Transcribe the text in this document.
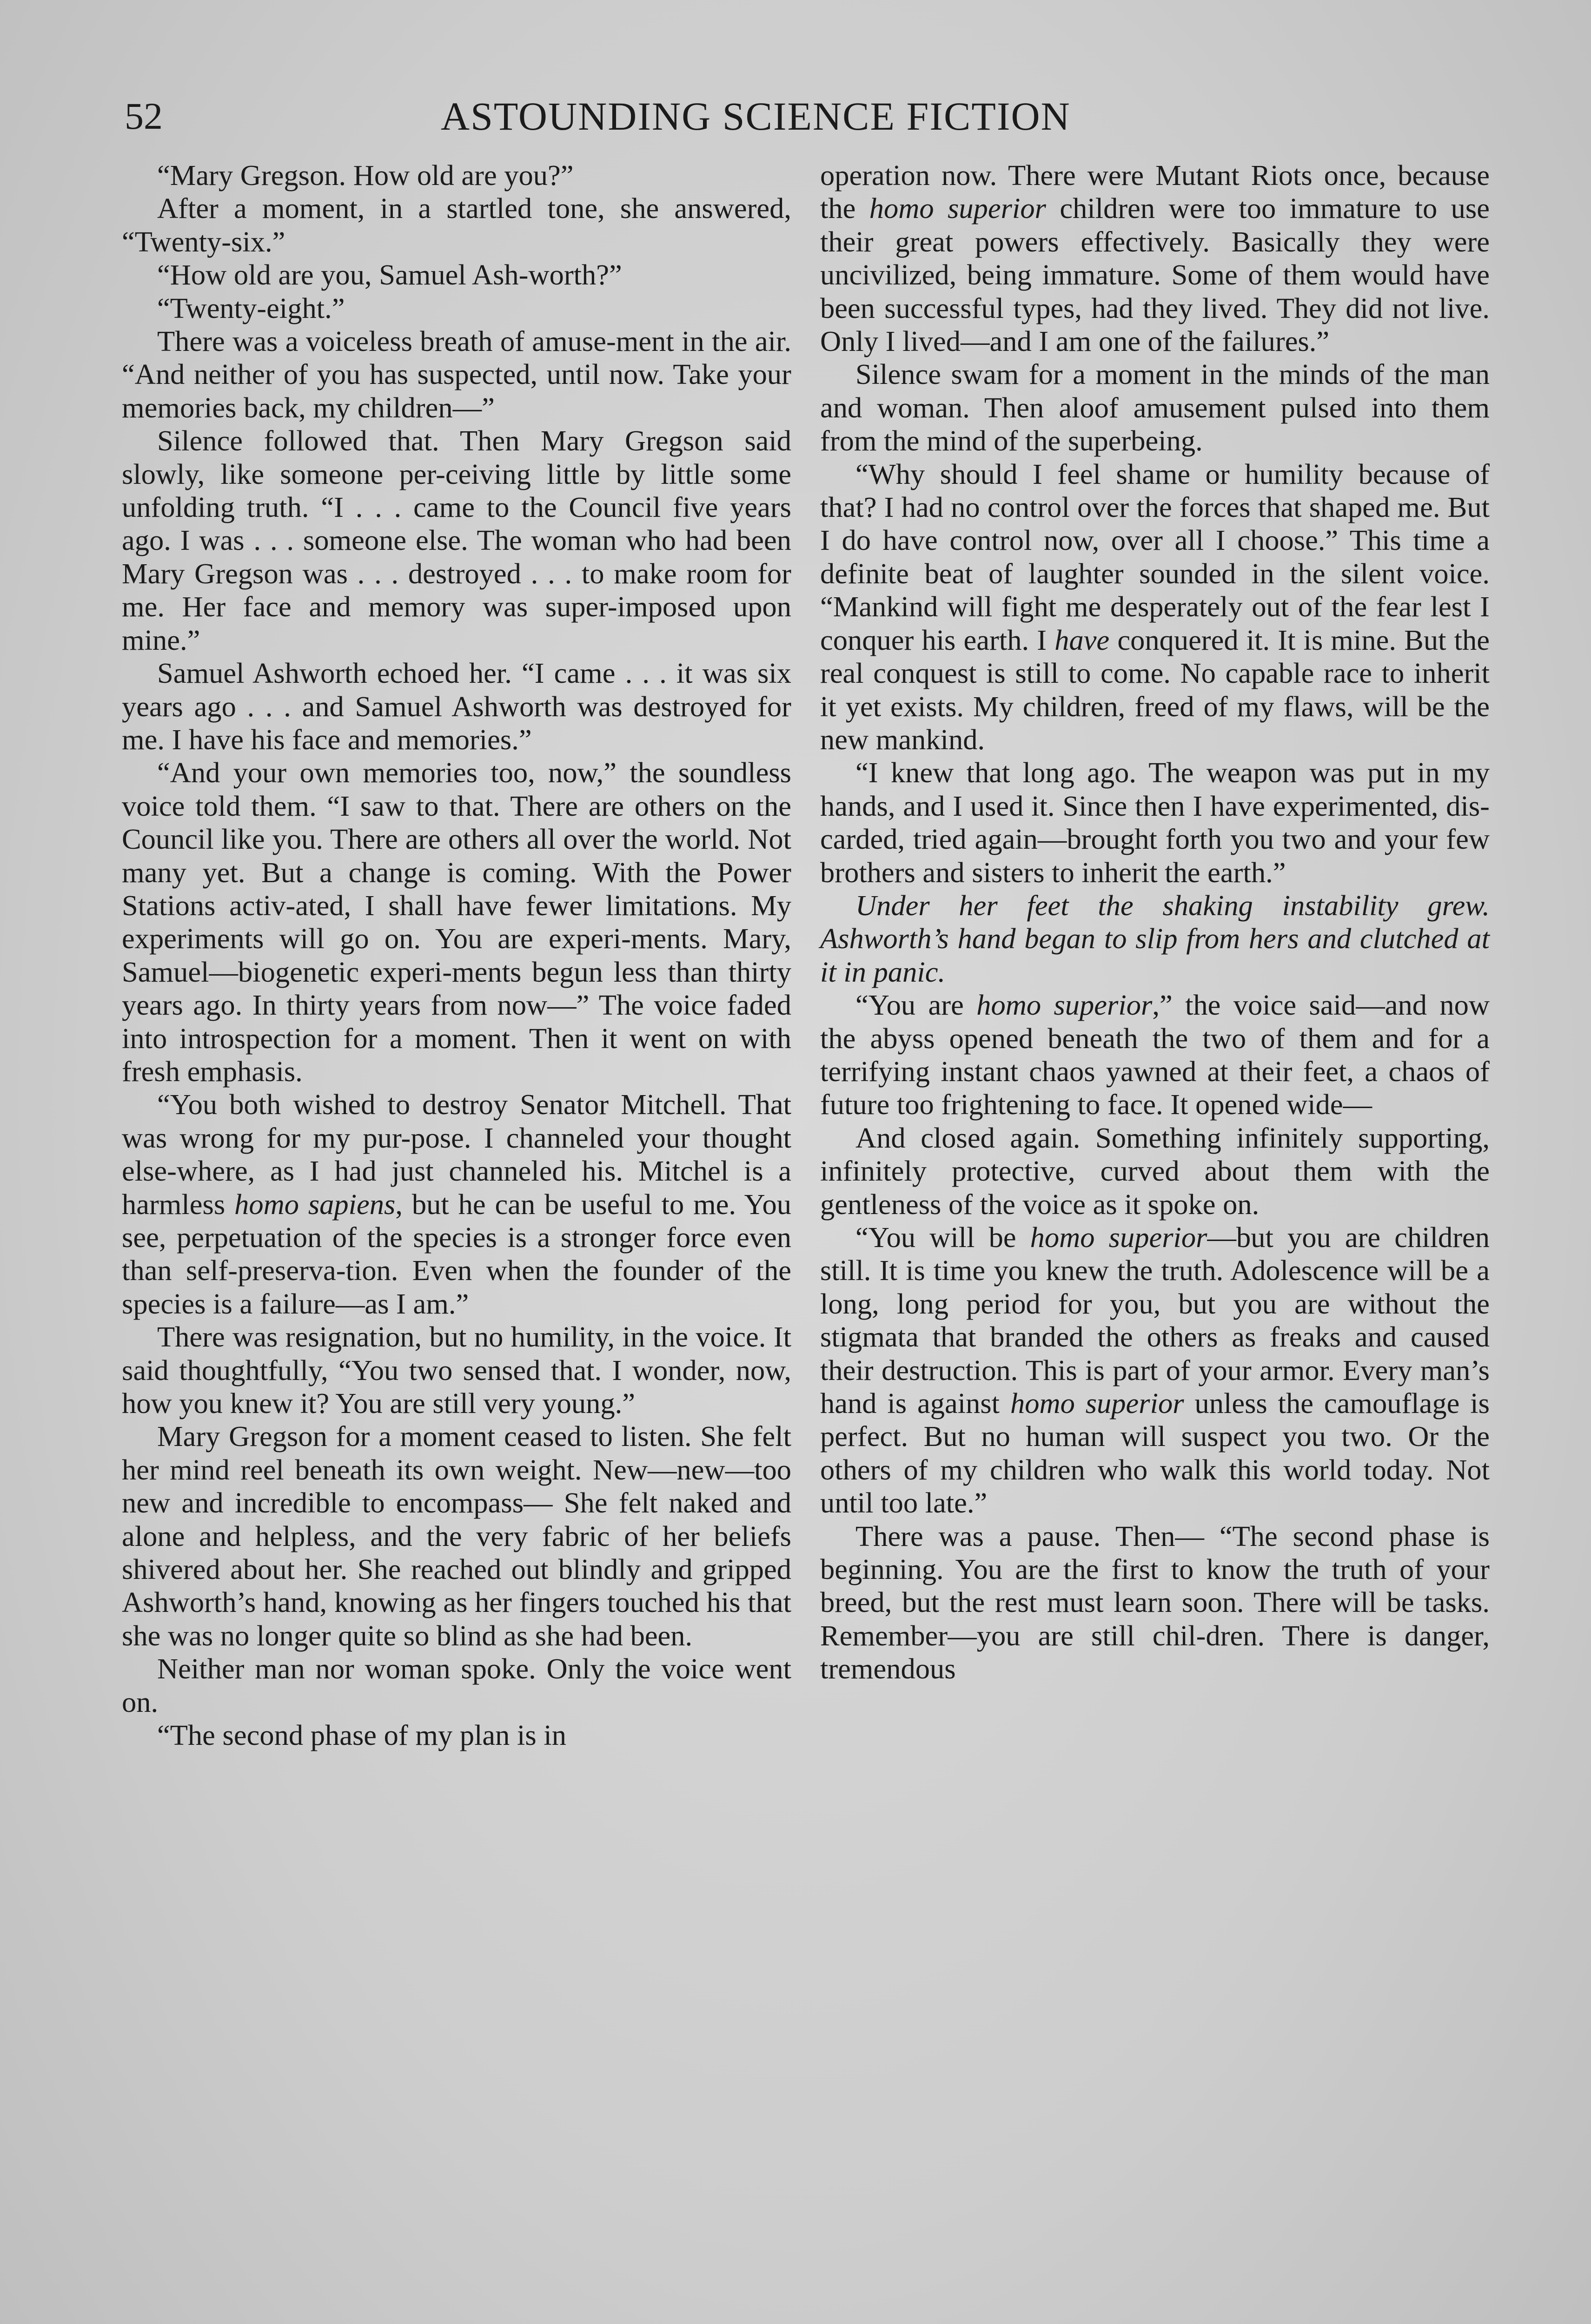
52	ASTOUNDING SCIENCE FICTION

“Mary Gregson. How old are you?”

After a moment, in a startled tone, she answered, “Twenty-six.”

“How old are you, Samuel Ash-worth?”

“Twenty-eight.”

There was a voiceless breath of amuse-ment in the air. “And neither of you has suspected, until now. Take your memories back, my children—”

Silence followed that. Then Mary Gregson said slowly, like someone per-ceiving little by little some unfolding truth. “I . . . came to the Council five years ago. I was . . . someone else. The woman who had been Mary Gregson was . . . destroyed . . . to make room for me. Her face and memory was super-imposed upon mine.”

Samuel Ashworth echoed her. “I came . . . it was six years ago . . . and Samuel Ashworth was destroyed for me. I have his face and memories.”

“And your own memories too, now,” the soundless voice told them. “I saw to that. There are others on the Council like you. There are others all over the world. Not many yet. But a change is coming. With the Power Stations activ-ated, I shall have fewer limitations. My experiments will go on. You are experi-ments. Mary, Samuel—biogenetic experi-ments begun less than thirty years ago. In thirty years from now—” The voice faded into introspection for a moment. Then it went on with fresh emphasis.

“You both wished to destroy Senator Mitchell. That was wrong for my pur-pose. I channeled your thought else-where, as I had just channeled his. Mitchel is a harmless homo sapiens, but he can be useful to me. You see, perpetuation of the species is a stronger force even than self-preserva-tion. Even when the founder of the species is a failure—as I am.”

There was resignation, but no humility, in the voice. It said thoughtfully, “You two sensed that. I wonder, now, how you knew it? You are still very young.”

Mary Gregson for a moment ceased to listen. She felt her mind reel beneath its own weight. New—new—too new and incredible to encompass— She felt naked and alone and helpless, and the very fabric of her beliefs shivered about her. She reached out blindly and gripped Ashworth’s hand, knowing as her fingers touched his that she was no longer quite so blind as she had been.

Neither man nor woman spoke. Only the voice went on.

“The second phase of my plan is in

operation now. There were Mutant Riots once, because the homo superior children were too immature to use their great powers effectively. Basically they were uncivilized, being immature. Some of them would have been successful types, had they lived. They did not live. Only I lived—and I am one of the failures.”

Silence swam for a moment in the minds of the man and woman. Then aloof amusement pulsed into them from the mind of the superbeing.

“Why should I feel shame or humility because of that? I had no control over the forces that shaped me. But I do have control now, over all I choose.” This time a definite beat of laughter sounded in the silent voice. “Mankind will fight me desperately out of the fear lest I conquer his earth. I have conquered it. It is mine. But the real conquest is still to come. No capable race to inherit it yet exists. My children, freed of my flaws, will be the new mankind.

“I knew that long ago. The weapon was put in my hands, and I used it. Since then I have experimented, dis-carded, tried again—brought forth you two and your few brothers and sisters to inherit the earth.”

Under her feet the shaking instability grew. Ashworth’s hand began to slip from hers and clutched at it in panic.

“You are homo superior,” the voice said—and now the abyss opened beneath the two of them and for a terrifying instant chaos yawned at their feet, a chaos of future too frightening to face. It opened wide—

And closed again. Something infinitely supporting, infinitely protective, curved about them with the gentleness of the voice as it spoke on.

“You will be homo superior—but you are children still. It is time you knew the truth. Adolescence will be a long, long period for you, but you are without the stigmata that branded the others as freaks and caused their destruction. This is part of your armor. Every man’s hand is against homo superior unless the camouflage is perfect. But no human will suspect you two. Or the others of my children who walk this world today. Not until too late.”

There was a pause. Then— “The second phase is beginning. You are the first to know the truth of your breed, but the rest must learn soon. There will be tasks. Remember—you are still chil-dren. There is danger, tremendous
